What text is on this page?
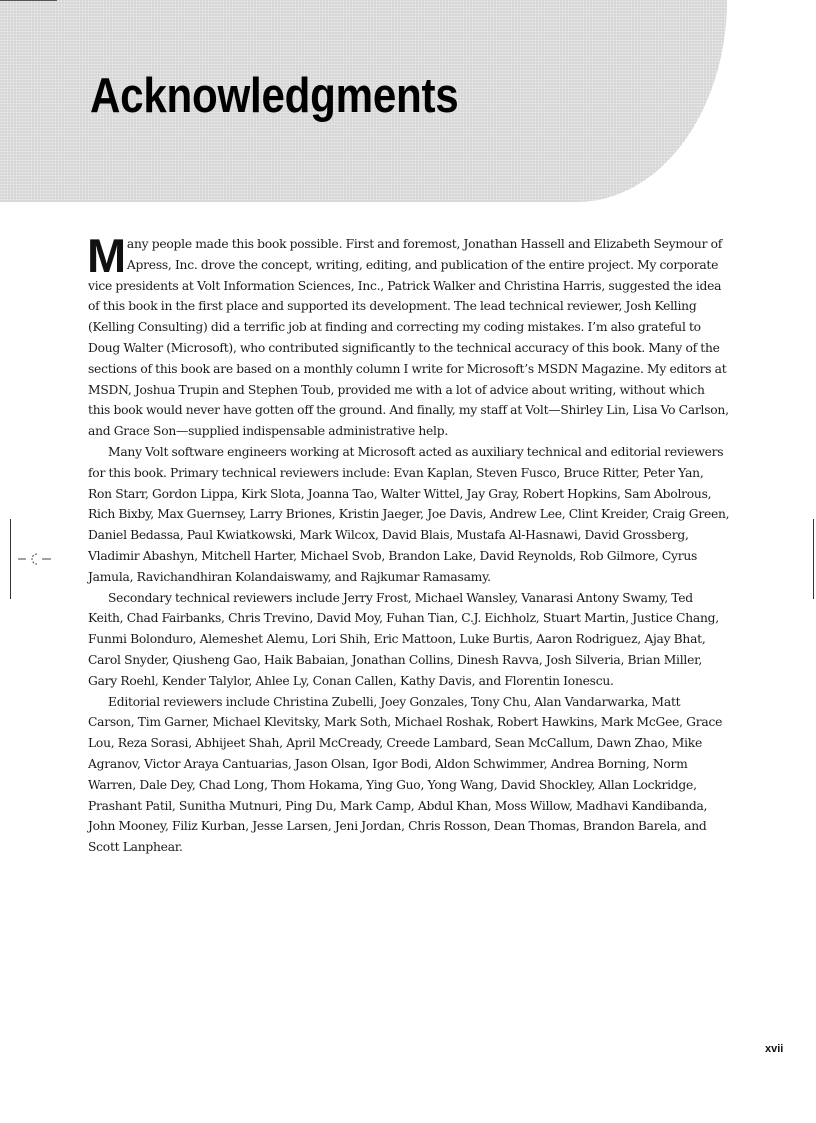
Acknowledgments

Many people made this book possible. First and foremost, Jonathan Hassell and Elizabeth Seymour of Apress, Inc. drove the concept, writing, editing, and publication of the entire project. My corporate vice presidents at Volt Information Sciences, Inc., Patrick Walker and Christina Harris, suggested the idea of this book in the first place and supported its development. The lead technical reviewer, Josh Kelling (Kelling Consulting) did a terrific job at finding and correcting my coding mistakes. I’m also grateful to Doug Walter (Microsoft), who contributed significantly to the technical accuracy of this book. Many of the sections of this book are based on a monthly column I write for Microsoft’s MSDN Magazine. My editors at MSDN, Joshua Trupin and Stephen Toub, provided me with a lot of advice about writing, without which this book would never have gotten off the ground. And finally, my staff at Volt—Shirley Lin, Lisa Vo Carlson, and Grace Son—supplied indispensable administrative help.

Many Volt software engineers working at Microsoft acted as auxiliary technical and editorial reviewers for this book. Primary technical reviewers include: Evan Kaplan, Steven Fusco, Bruce Ritter, Peter Yan, Ron Starr, Gordon Lippa, Kirk Slota, Joanna Tao, Walter Wittel, Jay Gray, Robert Hopkins, Sam Abolrous, Rich Bixby, Max Guernsey, Larry Briones, Kristin Jaeger, Joe Davis, Andrew Lee, Clint Kreider, Craig Green, Daniel Bedassa, Paul Kwiatkowski, Mark Wilcox, David Blais, Mustafa Al-Hasnawi, David Grossberg, Vladimir Abashyn, Mitchell Harter, Michael Svob, Brandon Lake, David Reynolds, Rob Gilmore, Cyrus Jamula, Ravichandhiran Kolandaiswamy, and Rajkumar Ramasamy.

Secondary technical reviewers include Jerry Frost, Michael Wansley, Vanarasi Antony Swamy, Ted Keith, Chad Fairbanks, Chris Trevino, David Moy, Fuhan Tian, C.J. Eichholz, Stuart Martin, Justice Chang, Funmi Bolonduro, Alemeshet Alemu, Lori Shih, Eric Mattoon, Luke Burtis, Aaron Rodriguez, Ajay Bhat, Carol Snyder, Qiusheng Gao, Haik Babaian, Jonathan Collins, Dinesh Ravva, Josh Silveria, Brian Miller, Gary Roehl, Kender Talylor, Ahlee Ly, Conan Callen, Kathy Davis, and Florentin Ionescu.

Editorial reviewers include Christina Zubelli, Joey Gonzales, Tony Chu, Alan Vandarwarka, Matt Carson, Tim Garner, Michael Klevitsky, Mark Soth, Michael Roshak, Robert Hawkins, Mark McGee, Grace Lou, Reza Sorasi, Abhijeet Shah, April McCready, Creede Lambard, Sean McCallum, Dawn Zhao, Mike Agranov, Victor Araya Cantuarias, Jason Olsan, Igor Bodi, Aldon Schwimmer, Andrea Borning, Norm Warren, Dale Dey, Chad Long, Thom Hokama, Ying Guo, Yong Wang, David Shockley, Allan Lockridge, Prashant Patil, Sunitha Mutnuri, Ping Du, Mark Camp, Abdul Khan, Moss Willow, Madhavi Kandibanda, John Mooney, Filiz Kurban, Jesse Larsen, Jeni Jordan, Chris Rosson, Dean Thomas, Brandon Barela, and Scott Lanphear.

xvii
